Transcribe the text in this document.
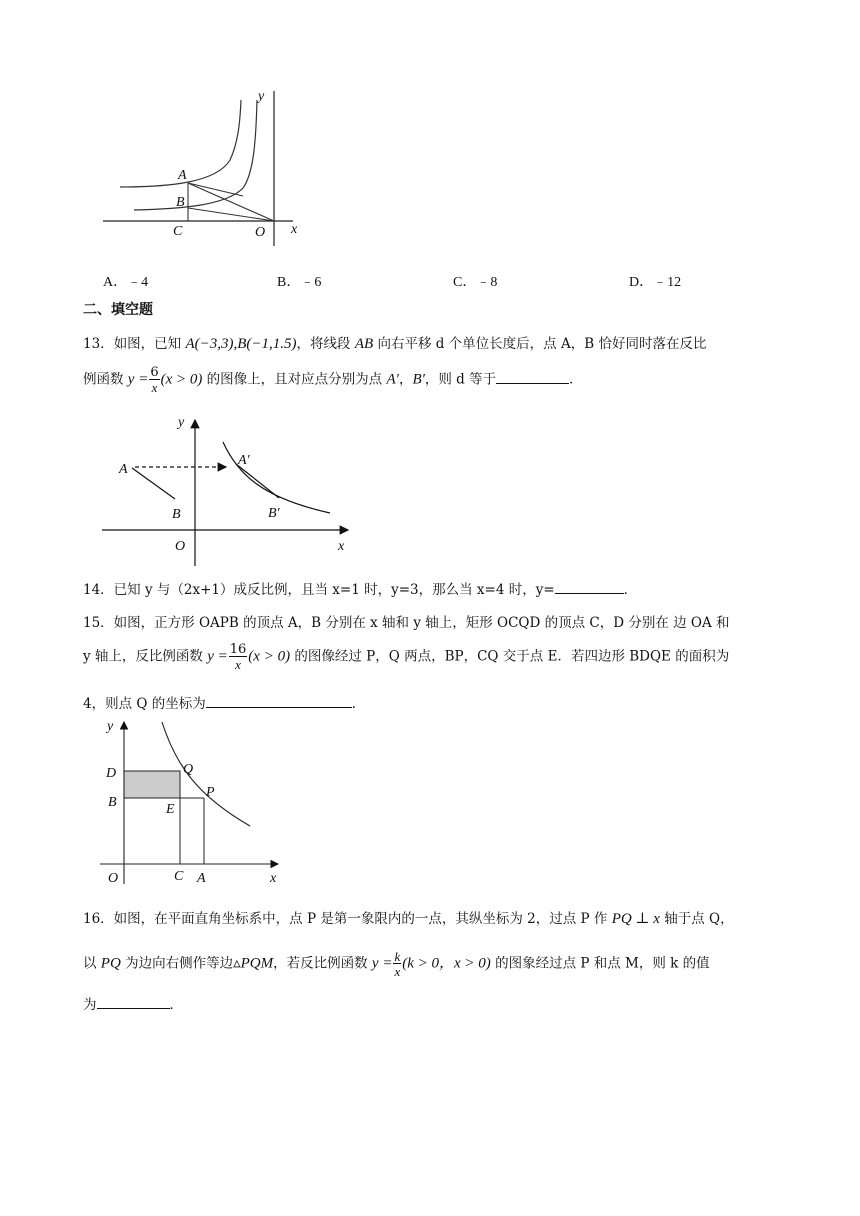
y
x
A
B
C	O
A．﹣4	B．﹣6	C．﹣8	D．﹣12
二、填空题
13．如图，已知 A(−3,3),B(−1,1.5)，将线段 AB 向右平移 d 个单位长度后，点 A，B 恰好同时落在反比
例函数 $y = \frac{6}{x} (x > 0)$ 的图像上，且对应点分别为点 A′，B′，则 d 等于	．
y
x
A
B
O
A′
B′
14．已知 y 与（2x+1）成反比例，且当 x=1 时，y=3，那么当 x=4 时，y=	．
15．如图，正方形 OAPB 的顶点 A，B 分别在 x 轴和 y 轴上，矩形 OCQD 的顶点 C，D 分别在 边 OA 和
y 轴上，反比例函数 $y = \frac{16}{x} (x > 0)$ 的图像经过 P，Q 两点，BP，CQ 交于点 E．若四边形 BDQE 的面积为
4，则点 Q 的坐标为	．
y
x
D
B
Q
E
P
O	C A
16．如图，在平面直角坐标系中，点 P 是第一象限内的一点，其纵坐标为 2，过点 P 作 PQ ⊥ x 轴于点 Q，
以 PQ 为边向右侧作等边▵PQM，若反比例函数 $y = \frac{k}{x} (k > 0$，x > 0) 的图象经过点 P 和点 M，则 k 的值
为	．
